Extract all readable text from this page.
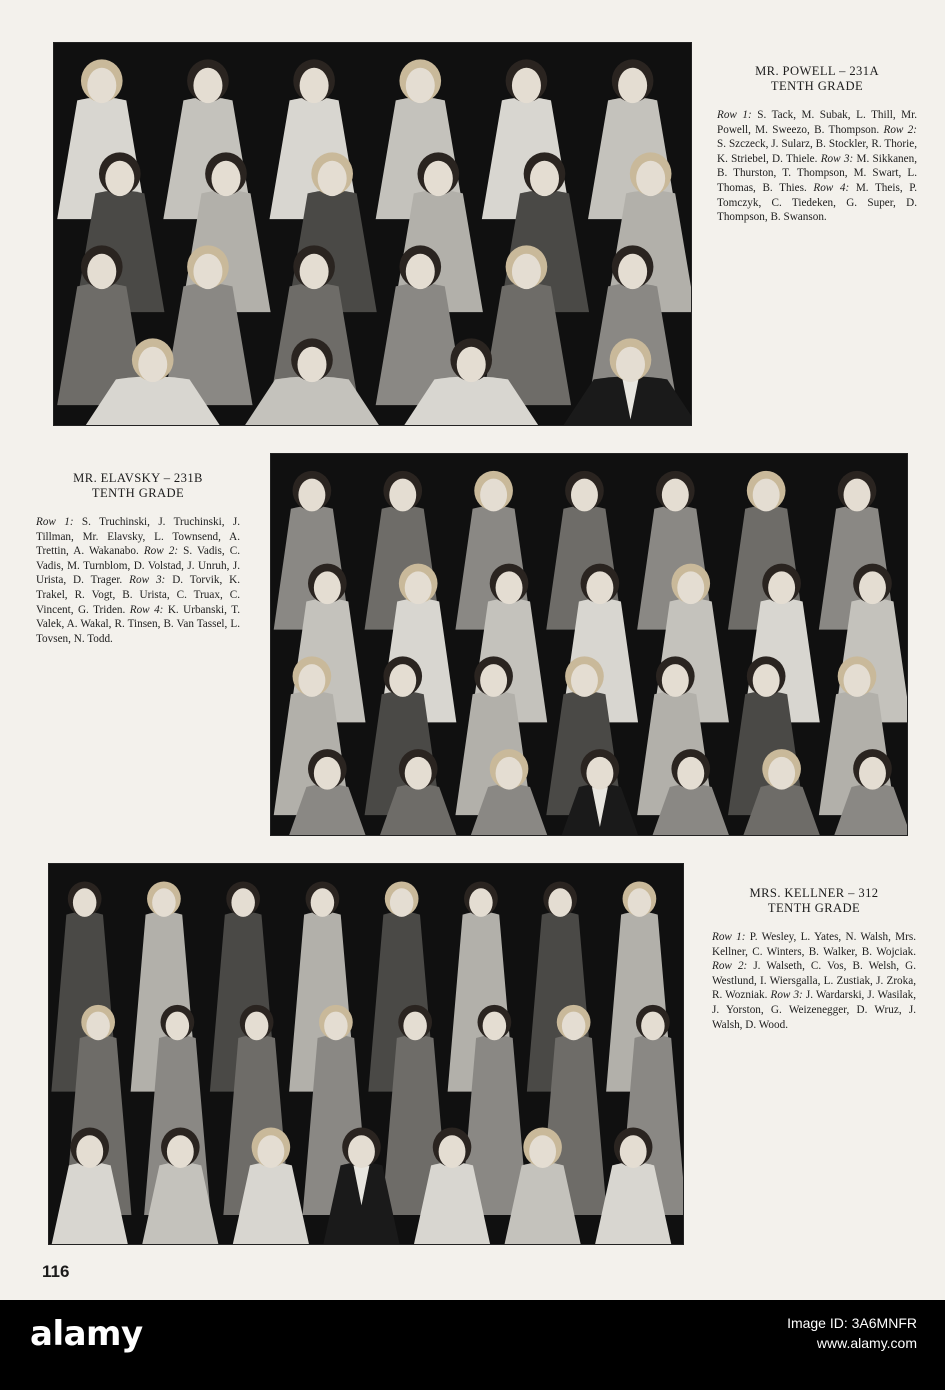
MR. POWELL – 231A
TENTH GRADE
Row 1: S. Tack, M. Subak, L. Thill, Mr. Powell, M. Sweezo, B. Thompson. Row 2: S. Szczeck, J. Sularz, B. Stockler, R. Thorie, K. Striebel, D. Thiele. Row 3: M. Sikkanen, B. Thurston, T. Thompson, M. Swart, L. Thomas, B. Thies. Row 4: M. Theis, P. Tomczyk, C. Tiedeken, G. Super, D. Thompson, B. Swanson.
MR. ELAVSKY – 231B
TENTH GRADE
Row 1: S. Truchinski, J. Truchinski, J. Tillman, Mr. Elavsky, L. Townsend, A. Trettin, A. Wakanabo. Row 2: S. Vadis, C. Vadis, M. Turnblom, D. Volstad, J. Unruh, J. Urista, D. Trager. Row 3: D. Torvik, K. Trakel, R. Vogt, B. Urista, C. Truax, C. Vincent, G. Triden. Row 4: K. Urbanski, T. Valek, A. Wakal, R. Tinsen, B. Van Tassel, L. Tovsen, N. Todd.
MRS. KELLNER – 312
TENTH GRADE
Row 1: P. Wesley, L. Yates, N. Walsh, Mrs. Kellner, C. Winters, B. Walker, B. Wojciak. Row 2: J. Walseth, C. Vos, B. Welsh, G. Westlund, I. Wiersgalla, L. Zustiak, J. Zroka, R. Wozniak. Row 3: J. Wardarski, J. Wasilak, J. Yorston, G. Weizenegger, D. Wruz, J. Walsh, D. Wood.
116
alamy	Image ID: 3A6MNFR
www.alamy.com
